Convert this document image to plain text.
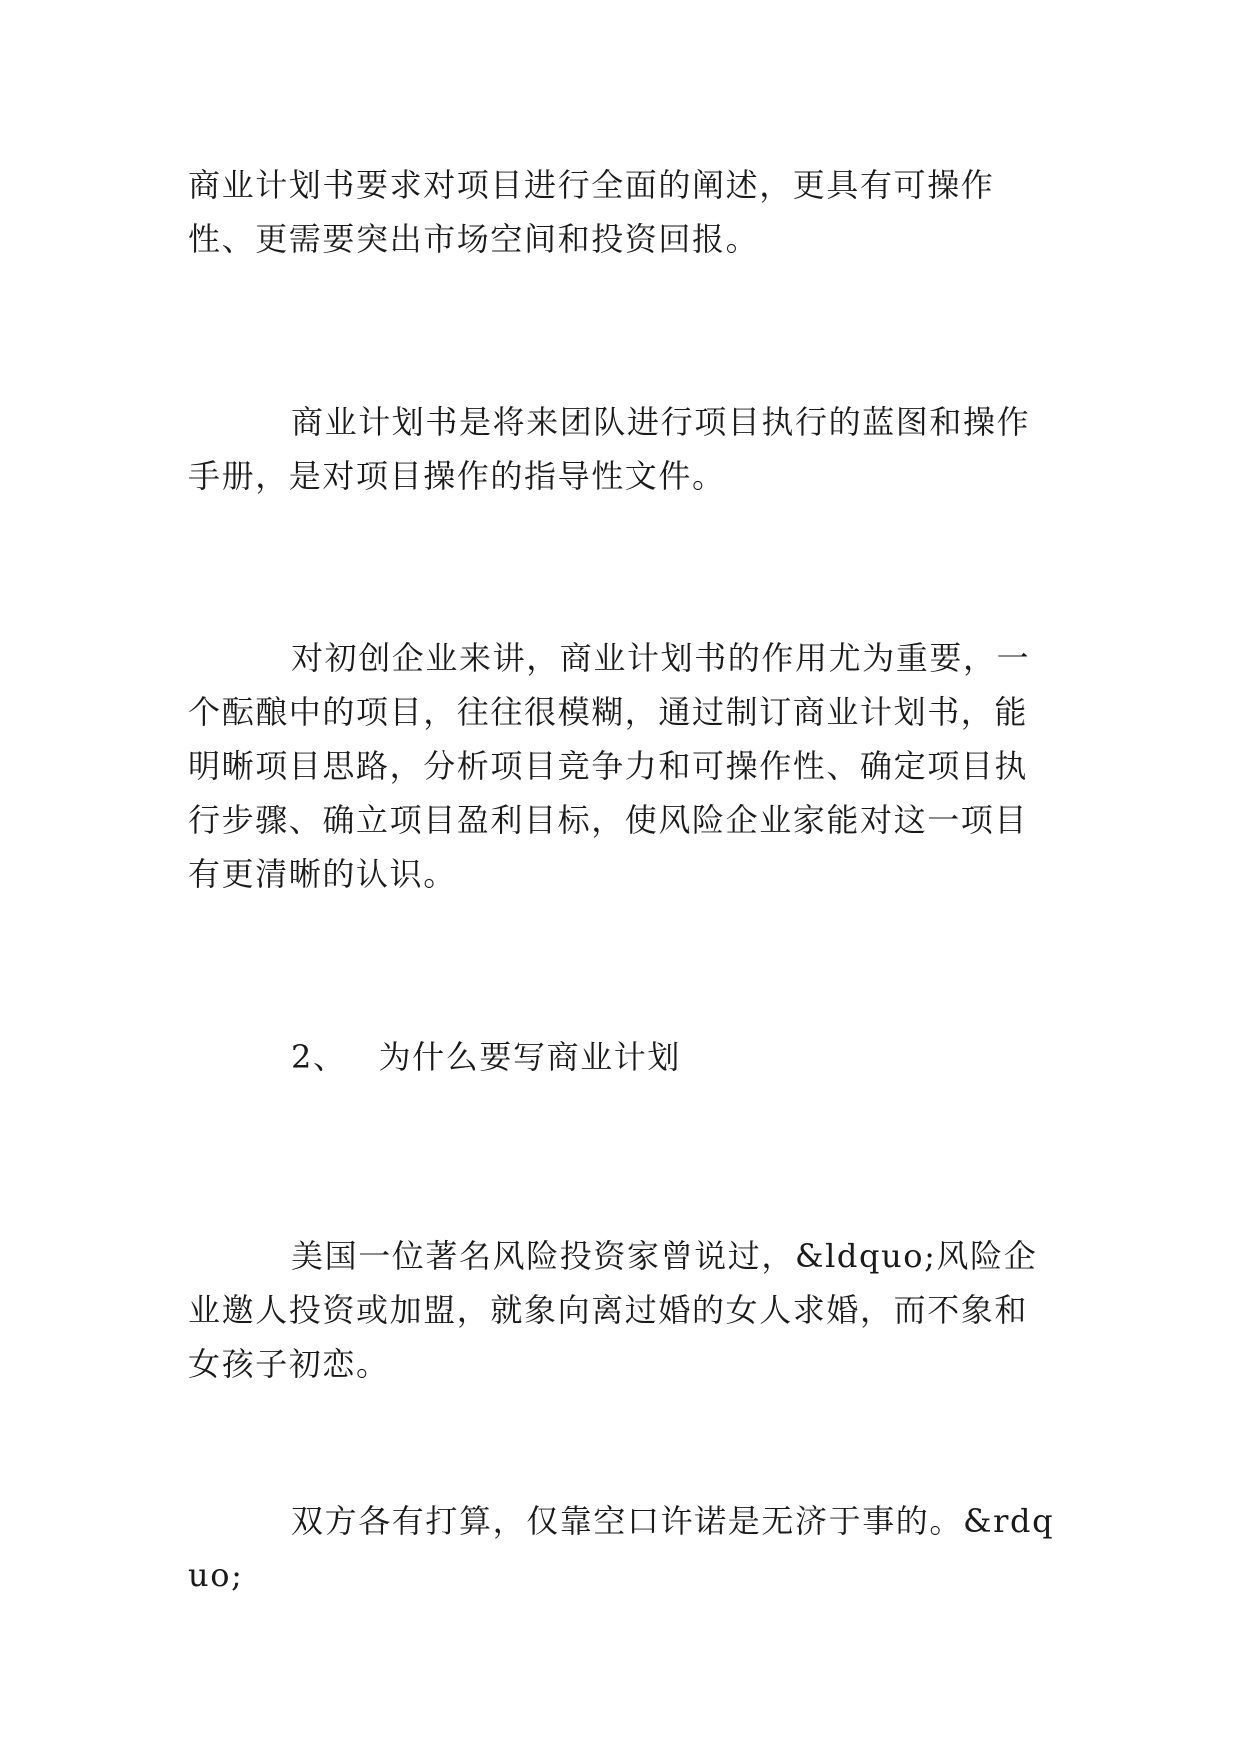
商业计划书要求对项目进行全面的阐述，更具有可操作性、更需要突出市场空间和投资回报。

商业计划书是将来团队进行项目执行的蓝图和操作手册，是对项目操作的指导性文件。

对初创企业来讲，商业计划书的作用尤为重要，一个酝酿中的项目，往往很模糊，通过制订商业计划书，能明晰项目思路，分析项目竞争力和可操作性、确定项目执行步骤、确立项目盈利目标，使风险企业家能对这一项目有更清晰的认识。

2、 为什么要写商业计划

美国一位著名风险投资家曾说过，&ldquo;风险企业邀人投资或加盟，就象向离过婚的女人求婚，而不象和女孩子初恋。

双方各有打算，仅靠空口许诺是无济于事的。&rdquo;
